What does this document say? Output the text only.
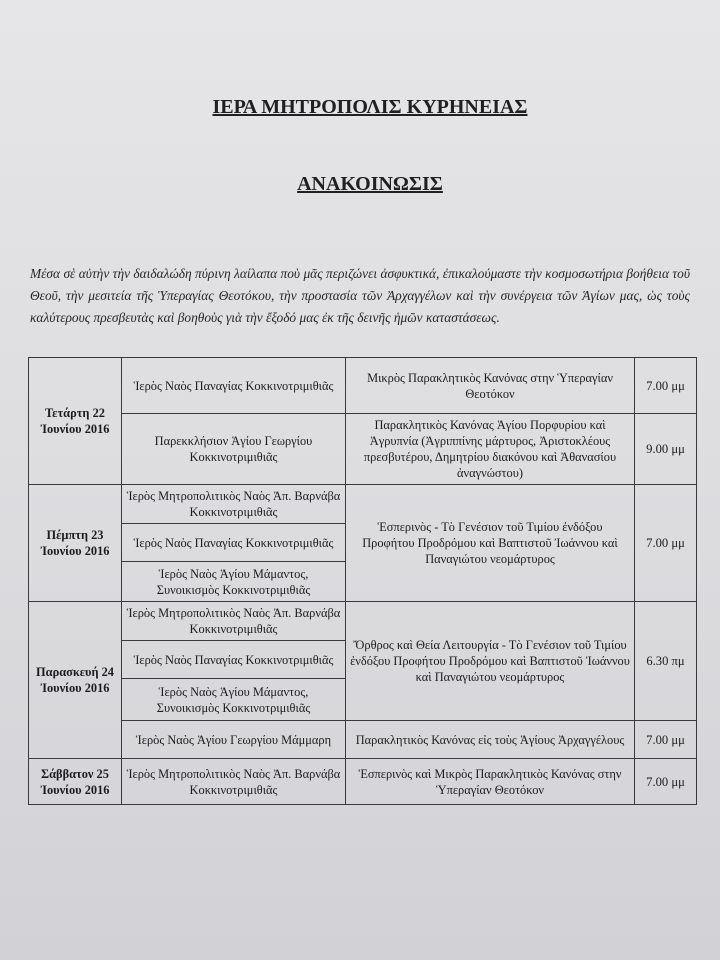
ΙΕΡΑ ΜΗΤΡΟΠΟΛΙΣ ΚΥΡΗΝΕΙΑΣ
ΑΝΑΚΟΙΝΩΣΙΣ
Μέσα σὲ αὐτὴν τὴν δαιδαλώδη πύρινη λαίλαπα ποὺ μᾶς περιζώνει ἀσφυκτικά, ἐπικαλούμαστε τὴν κοσμοσωτήρια βοήθεια τοῦ Θεοῦ, τὴν μεσιτεία τῆς Ὑπεραγίας Θεοτόκου, τὴν προστασία τῶν Ἀρχαγγέλων καὶ τὴν συνέργεια τῶν Ἁγίων μας, ὡς τοὺς καλύτερους πρεσβευτὰς καὶ βοηθοὺς γιὰ τὴν ἔξοδό μας ἐκ τῆς δεινῆς ἡμῶν καταστάσεως.
Τετάρτη 22 Ἰουνίου 2016	Ἱερὸς Ναὸς Παναγίας Κοκκινοτριμιθιᾶς	Μικρὸς Παρακλητικὸς Κανόνας στην Ὑπεραγίαν Θεοτόκον	7.00 μμ
	Παρεκκλήσιον Ἁγίου Γεωργίου Κοκκινοτριμιθιᾶς	Παρακλητικὸς Κανόνας Ἁγίου Πορφυρίου καὶ Ἀγρυπνία (Ἀγριππίνης μάρτυρος, Ἀριστοκλέους πρεσβυτέρου, Δημητρίου διακόνου καὶ Ἀθανασίου ἀναγνώστου)	9.00 μμ
Πέμπτη 23 Ἰουνίου 2016	Ἱερὸς Μητροπολιτικὸς Ναὸς Ἀπ. Βαρνάβα Κοκκινοτριμιθιᾶς	Ἑσπερινὸς - Τὸ Γενέσιον τοῦ Τιμίου ἐνδόξου Προφήτου Προδρόμου καὶ Βαπτιστοῦ Ἰωάννου καὶ Παναγιώτου νεομάρτυρος	7.00 μμ
	Ἱερὸς Ναὸς Παναγίας Κοκκινοτριμιθιᾶς		
	Ἱερὸς Ναὸς Ἁγίου Μάμαντος, Συνοικισμὸς Κοκκινοτριμιθιᾶς		
Παρασκευή 24 Ἰουνίου 2016	Ἱερὸς Μητροπολιτικὸς Ναὸς Ἀπ. Βαρνάβα Κοκκινοτριμιθιᾶς	Ὄρθρος καὶ Θεία Λειτουργία - Τὸ Γενέσιον τοῦ Τιμίου ἐνδόξου Προφήτου Προδρόμου καὶ Βαπτιστοῦ Ἰωάννου καὶ Παναγιώτου νεομάρτυρος	6.30 πμ
	Ἱερὸς Ναὸς Παναγίας Κοκκινοτριμιθιᾶς		
	Ἱερὸς Ναὸς Ἁγίου Μάμαντος, Συνοικισμὸς Κοκκινοτριμιθιᾶς		
	Ἱερὸς Ναὸς Ἁγίου Γεωργίου Μάμμαρη	Παρακλητικὸς Κανόνας εἰς τοὺς Ἁγίους Ἀρχαγγέλους	7.00 μμ
Σάββατον 25 Ἰουνίου 2016	Ἱερὸς Μητροπολιτικὸς Ναὸς Ἀπ. Βαρνάβα Κοκκινοτριμιθιᾶς	Ἑσπερινὸς καὶ Μικρὸς Παρακλητικὸς Κανόνας στην Ὑπεραγίαν Θεοτόκον	7.00 μμ
